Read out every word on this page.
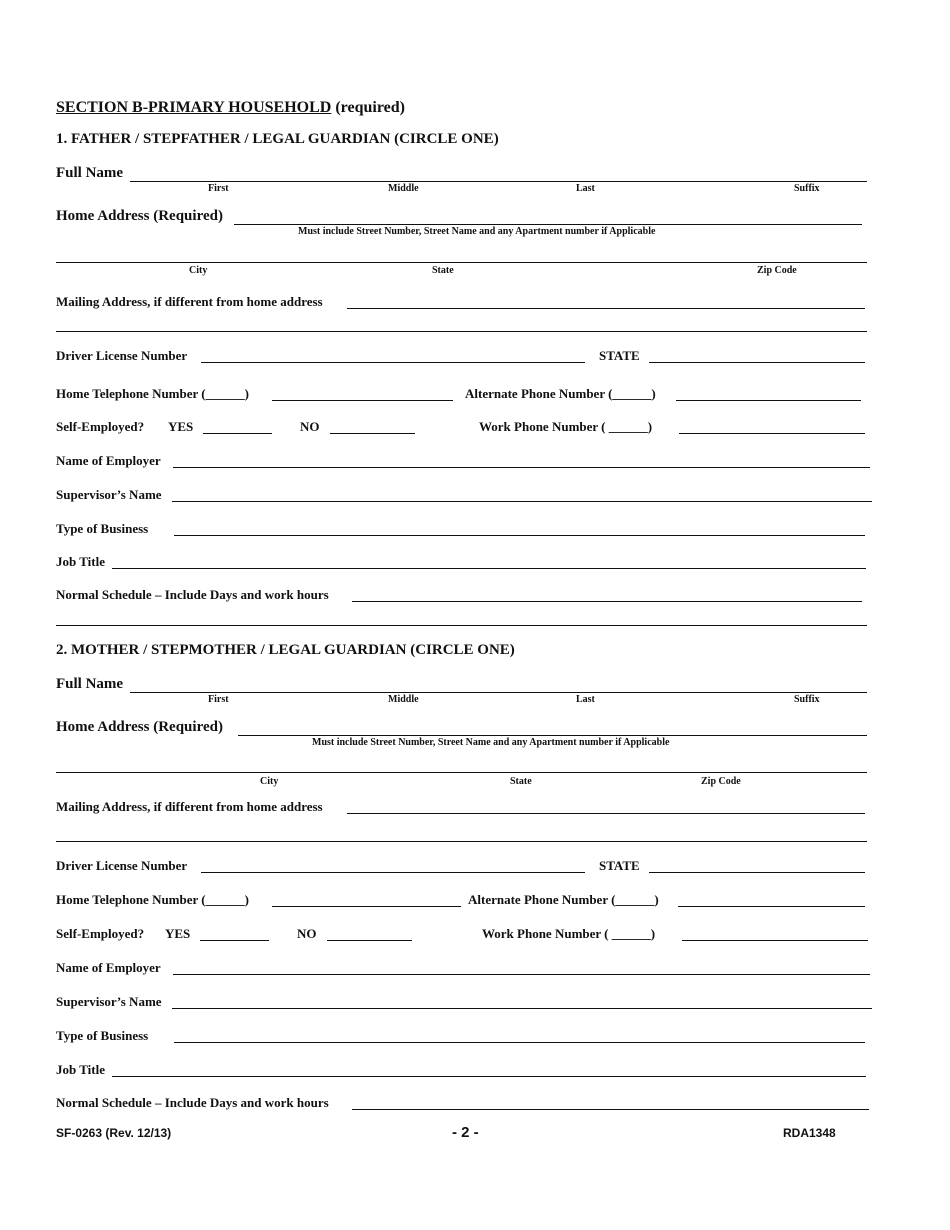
SECTION B-PRIMARY HOUSEHOLD (required)
1. FATHER / STEPFATHER / LEGAL GUARDIAN (CIRCLE ONE)
Full Name
First	Middle	Last	Suffix
Home Address (Required)
Must include Street Number, Street Name and any Apartment number if Applicable
City	State	Zip Code
Mailing Address, if different from home address
Driver License Number	STATE
Home Telephone Number (______)	Alternate Phone Number (______)
Self-Employed? YES	NO	Work Phone Number ( ______)
Name of Employer
Supervisor’s Name
Type of Business
Job Title
Normal Schedule – Include Days and work hours
2. MOTHER / STEPMOTHER / LEGAL GUARDIAN (CIRCLE ONE)
Full Name
First	Middle	Last	Suffix
Home Address (Required)
Must include Street Number, Street Name and any Apartment number if Applicable
City	State	Zip Code
Mailing Address, if different from home address
Driver License Number	STATE
Home Telephone Number (______)	Alternate Phone Number (______)
Self-Employed? YES	NO	Work Phone Number ( ______)
Name of Employer
Supervisor’s Name
Type of Business
Job Title
Normal Schedule – Include Days and work hours
SF-0263 (Rev. 12/13)	- 2 -	RDA1348
